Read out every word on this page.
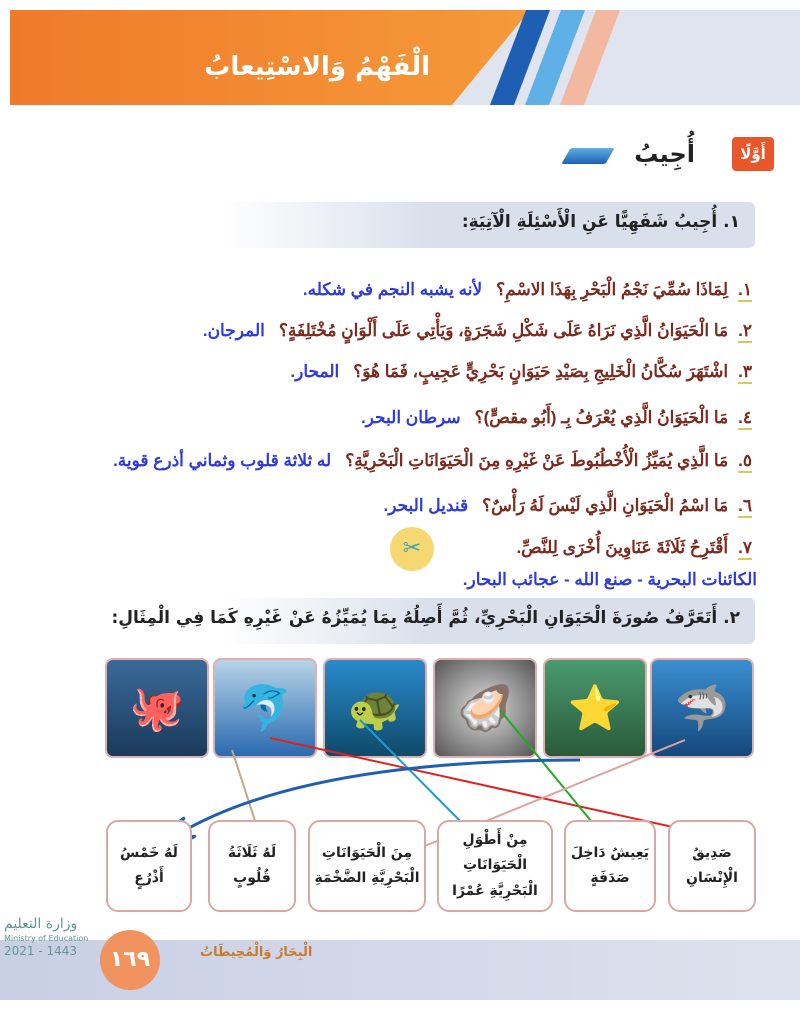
الْفَهْمُ وَالاسْتِيعابُ
أَوَّلًا
أُجِيبُ
١. أُجِيبُ شَفَهِيًّا عَنِ الْأَسْئِلَةِ الْآتِيَةِ:
١.
لِمَاذَا سُمِّيَ نَجْمُ الْبَحْرِ بِهَذَا الاسْمِ؟
لأنه يشبه النجم في شكله.
٢.
مَا الْحَيَوَانُ الَّذِي نَرَاهُ عَلَى شَكْلِ شَجَرَةٍ، وَيَأْتِي عَلَى أَلْوَانٍ مُخْتَلِفَةٍ؟
المرجان.
٣.
اشْتَهَرَ سُكَّانُ الْخَلِيجِ بِصَيْدِ حَيَوَانٍ بَحْرِيٍّ عَجِيبٍ، فَمَا هُوَ؟
المحار.
٤.
مَا الْحَيَوَانُ الَّذِي يُعْرَفُ بِـ (أَبُو مقصٍّ)؟
سرطان البحر.
٥.
مَا الَّذِي يُمَيِّزُ الْأُخْطُبُوطَ عَنْ غَيْرِهِ مِنَ الْحَيَوَانَاتِ الْبَحْرِيَّةِ؟
له ثلاثة قلوب وثماني أذرع قوية.
٦.
مَا اسْمُ الْحَيَوَانِ الَّذِي لَيْسَ لَهُ رَأْسٌ؟
قنديل البحر.
٧.
أَقْتَرِحُ ثَلَاثَةَ عَنَاوِينَ أُخْرَى لِلنَّصِّ.
✂
الكائنات البحرية - صنع الله - عجائب البحار.
٢. أَتَعَرَّفُ صُورَةَ الْحَيَوَانِ الْبَحْرِيِّ، ثُمَّ أَصِلُهُ بِمَا يُمَيِّزُهُ عَنْ غَيْرِهِ كَمَا فِي الْمِثَالِ:
🦈
⭐
🦪
🐢
🐬
🐙
صَدِيقُ الْإِنْسَانِ
يَعِيشُ دَاخِلَ صَدَفَةٍ
مِنْ أَطْوَلِ الْحَيَوَانَاتِ الْبَحْرِيَّةِ عُمْرًا
مِنَ الْحَيَوَانَاتِ الْبَحْرِيَّةِ الضَّخْمَةِ
لَهُ ثَلَاثَةُ قُلُوبٍ
لَهُ خَمْسُ أَذْرُعٍ
١٦٩	الْبِحَارُ وَالْمُحِيطَاتُ
وزارة التعليم
Ministry of Education
2021 - 1443
